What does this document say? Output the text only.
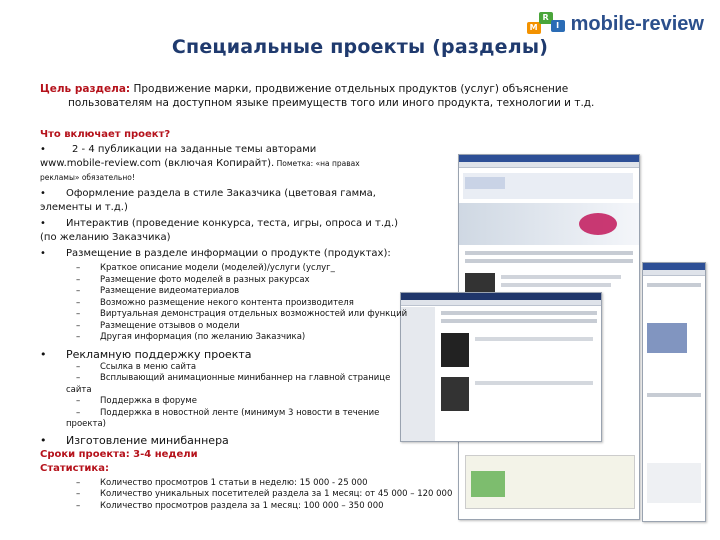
M
R
I mobile-review
Специальные проекты (разделы)
Цель раздела: Продвижение марки, продвижение отдельных продуктов (услуг) объяснение
пользователям на доступном языке преимуществ того или иного продукта, технологии и т.д.
Что включает проект?
•	2 - 4 публикации на заданные темы авторами
www.mobile-review.com (включая Копирайт). Пометка: «на правах
рекламы» обязательно!
• Оформление раздела в стиле Заказчика (цветовая гамма,
элементы и т.д.)
• Интерактив (проведение конкурса, теста, игры, опроса и т.д.)
(по желанию Заказчика)
• Размещение в разделе информации о продукте (продуктах):
– Краткое описание модели (моделей)/услуги (услуг_
– Размещение фото моделей в разных ракурсах
– Размещение видеоматериалов
– Возможно размещение некого контента производителя
– Виртуальная демонстрация отдельных возможностей или функций
– Размещение отзывов о модели
– Другая информация (по желанию Заказчика)
• Рекламную поддержку проекта
– Ссылка в меню сайта
– Всплывающий анимационные минибаннер на главной странице
сайта
– Поддержка в форуме
– Поддержка в новостной ленте (минимум 3 новости в течение
проекта)
• Изготовление минибаннера
Сроки проекта: 3-4 недели
Статистика:
– Количество просмотров 1 статьи в неделю: 15 000 - 25 000
– Количество уникальных посетителей раздела за 1 месяц: от 45 000 – 120 000
– Количество просмотров раздела за 1 месяц: 100 000 – 350 000
